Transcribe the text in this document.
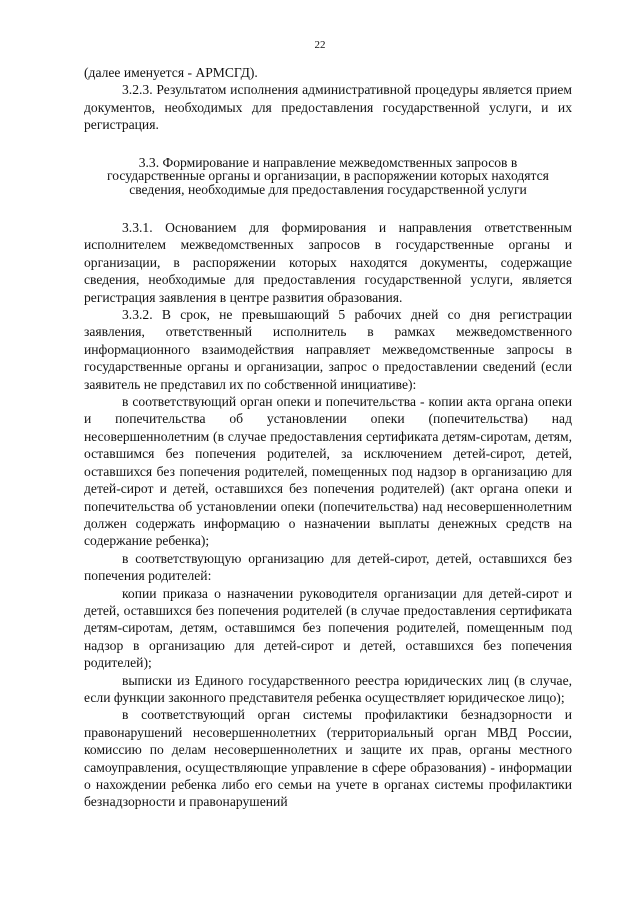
22

(далее именуется - АРМСГД).

3.2.3. Результатом исполнения административной процедуры является прием документов, необходимых для предоставления государственной услуги, и их регистрация.

3.3. Формирование и направление межведомственных запросов в государственные органы и организации, в распоряжении которых находятся сведения, необходимые для предоставления государственной услуги

3.3.1. Основанием для формирования и направления ответственным исполнителем межведомственных запросов в государственные органы и организации, в распоряжении которых находятся документы, содержащие сведения, необходимые для предоставления государственной услуги, является регистрация заявления в центре развития образования.

3.3.2. В срок, не превышающий 5 рабочих дней со дня регистрации заявления, ответственный исполнитель в рамках межведомственного информационного взаимодействия направляет межведомственные запросы в государственные органы и организации, запрос о предоставлении сведений (если заявитель не представил их по собственной инициативе):

в соответствующий орган опеки и попечительства - копии акта органа опеки и попечительства об установлении опеки (попечительства) над несовершеннолетним (в случае предоставления сертификата детям-сиротам, детям, оставшимся без попечения родителей, за исключением детей-сирот, детей, оставшихся без попечения родителей, помещенных под надзор в организацию для детей-сирот и детей, оставшихся без попечения родителей) (акт органа опеки и попечительства об установлении опеки (попечительства) над несовершеннолетним должен содержать информацию о назначении выплаты денежных средств на содержание ребенка);

в соответствующую организацию для детей-сирот, детей, оставшихся без попечения родителей:

копии приказа о назначении руководителя организации для детей-сирот и детей, оставшихся без попечения родителей (в случае предоставления сертификата детям-сиротам, детям, оставшимся без попечения родителей, помещенным под надзор в организацию для детей-сирот и детей, оставшихся без попечения родителей);

выписки из Единого государственного реестра юридических лиц (в случае, если функции законного представителя ребенка осуществляет юридическое лицо);

в соответствующий орган системы профилактики безнадзорности и правонарушений несовершеннолетних (территориальный орган МВД России, комиссию по делам несовершеннолетних и защите их прав, органы местного самоуправления, осуществляющие управление в сфере образования) - информации о нахождении ребенка либо его семьи на учете в органах системы профилактики безнадзорности и правонарушений
